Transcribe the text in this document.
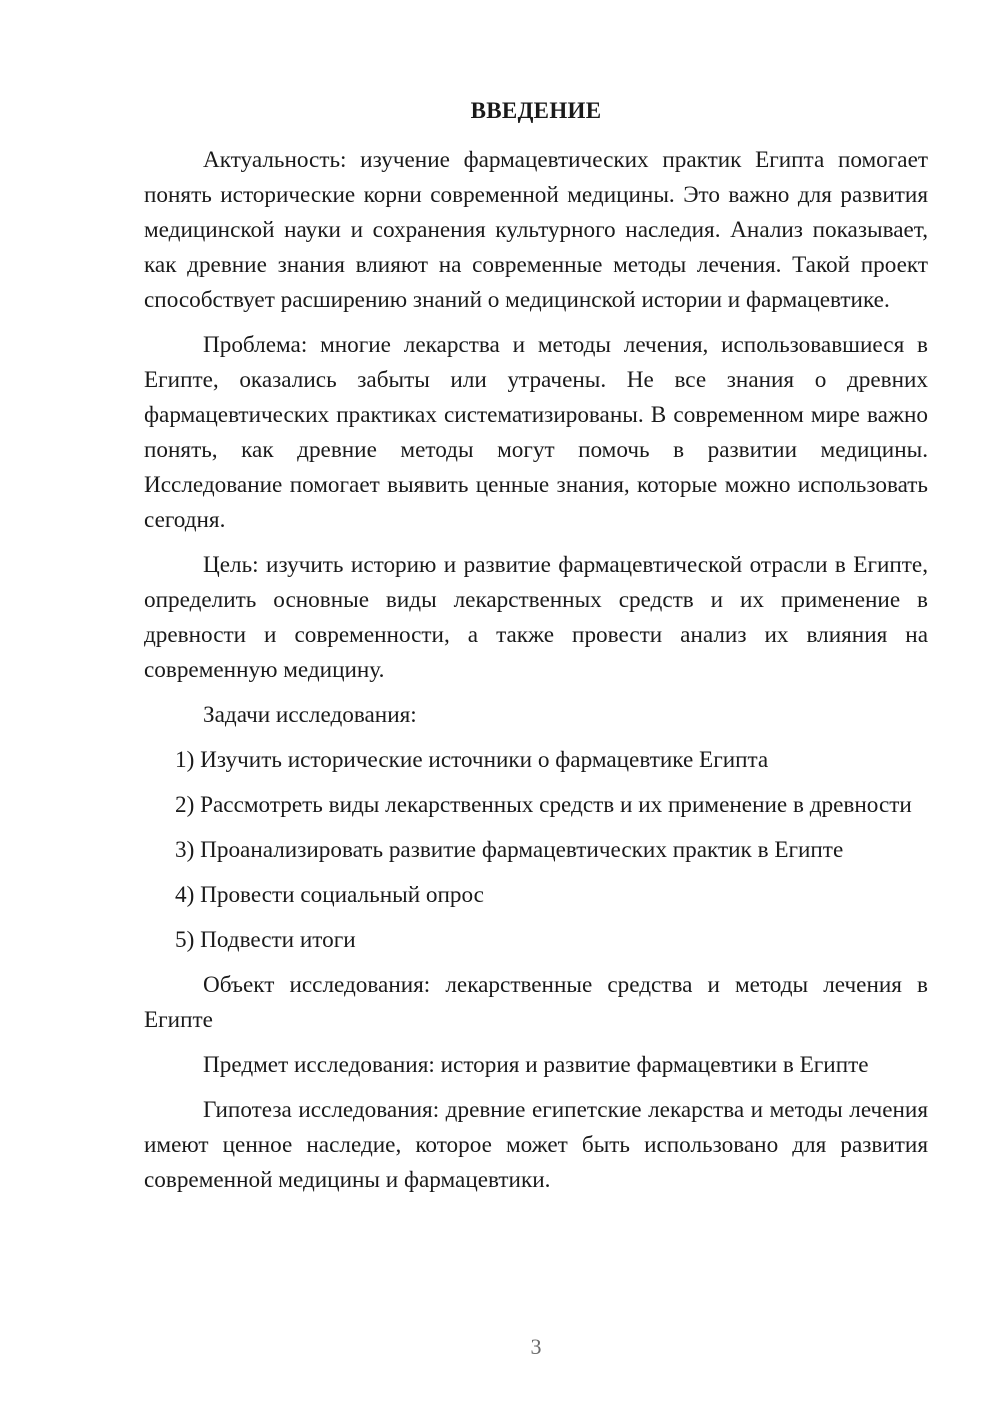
ВВЕДЕНИЕ

Актуальность: изучение фармацевтических практик Египта помогает понять исторические корни современной медицины. Это важно для развития медицинской науки и сохранения культурного наследия. Анализ показывает, как древние знания влияют на современные методы лечения. Такой проект способствует расширению знаний о медицинской истории и фармацевтике.

Проблема: многие лекарства и методы лечения, использовавшиеся в Египте, оказались забыты или утрачены. Не все знания о древних фармацевтических практиках систематизированы. В современном мире важно понять, как древние методы могут помочь в развитии медицины. Исследование помогает выявить ценные знания, которые можно использовать сегодня.

Цель: изучить историю и развитие фармацевтической отрасли в Египте, определить основные виды лекарственных средств и их применение в древности и современности, а также провести анализ их влияния на современную медицину.

Задачи исследования:

1) Изучить исторические источники о фармацевтике Египта

2) Рассмотреть виды лекарственных средств и их применение в древности

3) Проанализировать развитие фармацевтических практик в Египте

4) Провести социальный опрос

5) Подвести итоги

Объект исследования: лекарственные средства и методы лечения в Египте

Предмет исследования: история и развитие фармацевтики в Египте

Гипотеза исследования: древние египетские лекарства и методы лечения имеют ценное наследие, которое может быть использовано для развития современной медицины и фармацевтики.

3
